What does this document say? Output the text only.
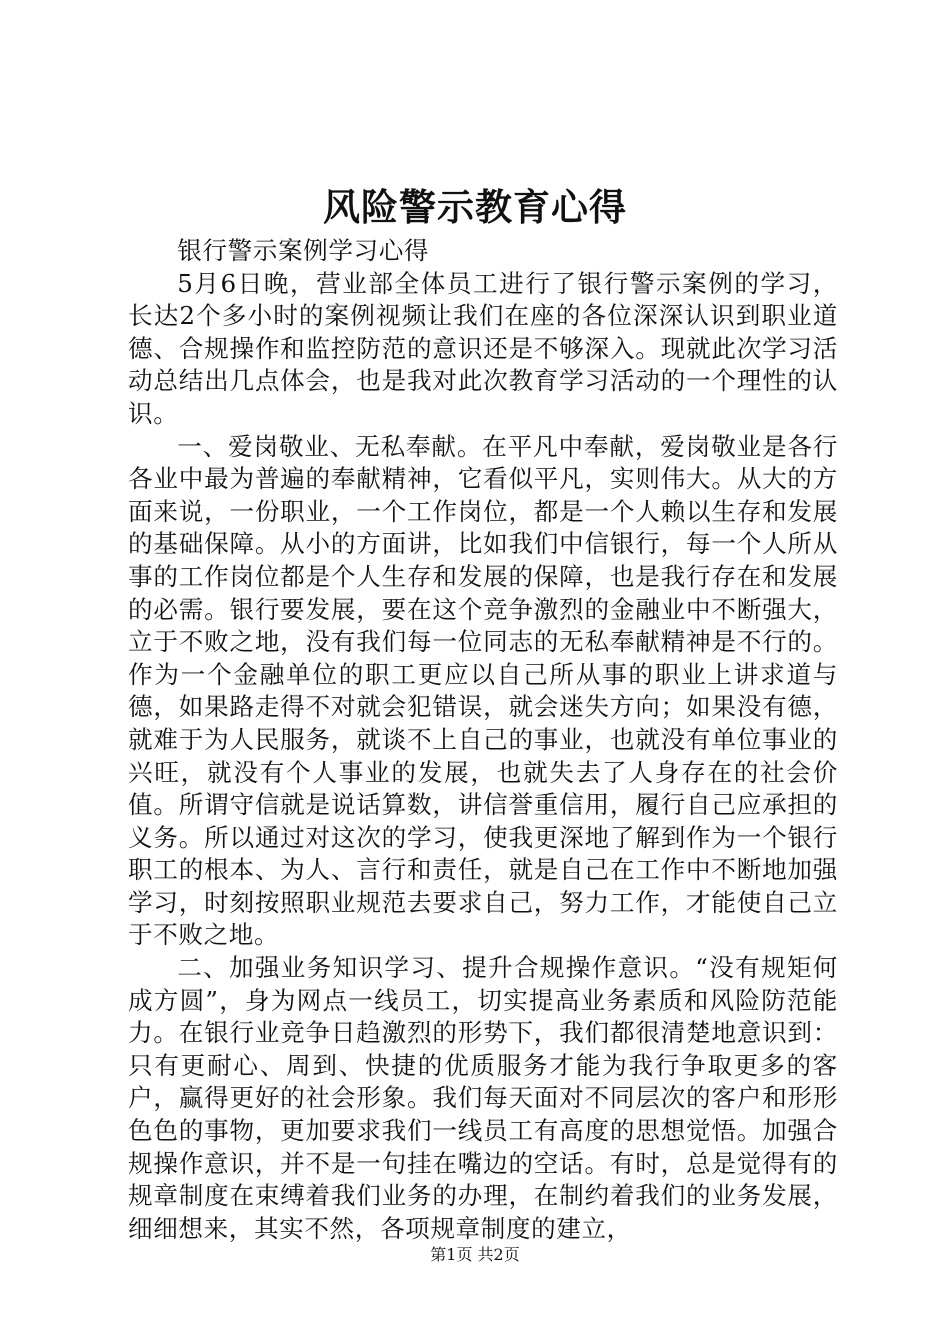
风险警示教育心得

银行警示案例学习心得

5月6日晚，营业部全体员工进行了银行警示案例的学习，长达2个多小时的案例视频让我们在座的各位深深认识到职业道德、合规操作和监控防范的意识还是不够深入。现就此次学习活动总结出几点体会，也是我对此次教育学习活动的一个理性的认识。

一、爱岗敬业、无私奉献。在平凡中奉献，爱岗敬业是各行各业中最为普遍的奉献精神，它看似平凡，实则伟大。从大的方面来说，一份职业，一个工作岗位，都是一个人赖以生存和发展的基础保障。从小的方面讲，比如我们中信银行，每一个人所从事的工作岗位都是个人生存和发展的保障，也是我行存在和发展的必需。银行要发展，要在这个竞争激烈的金融业中不断强大，立于不败之地，没有我们每一位同志的无私奉献精神是不行的。作为一个金融单位的职工更应以自己所从事的职业上讲求道与德，如果路走得不对就会犯错误，就会迷失方向；如果没有德，就难于为人民服务，就谈不上自己的事业，也就没有单位事业的兴旺，就没有个人事业的发展，也就失去了人身存在的社会价值。所谓守信就是说话算数，讲信誉重信用，履行自己应承担的义务。所以通过对这次的学习，使我更深地了解到作为一个银行职工的根本、为人、言行和责任，就是自己在工作中不断地加强学习，时刻按照职业规范去要求自己，努力工作，才能使自己立于不败之地。

二、加强业务知识学习、提升合规操作意识。“没有规矩何成方圆”，身为网点一线员工，切实提高业务素质和风险防范能力。在银行业竞争日趋激烈的形势下，我们都很清楚地意识到：只有更耐心、周到、快捷的优质服务才能为我行争取更多的客户，赢得更好的社会形象。我们每天面对不同层次的客户和形形色色的事物，更加要求我们一线员工有高度的思想觉悟。加强合规操作意识，并不是一句挂在嘴边的空话。有时，总是觉得有的规章制度在束缚着我们业务的办理，在制约着我们的业务发展，细细想来，其实不然，各项规章制度的建立，

第1页 共2页
